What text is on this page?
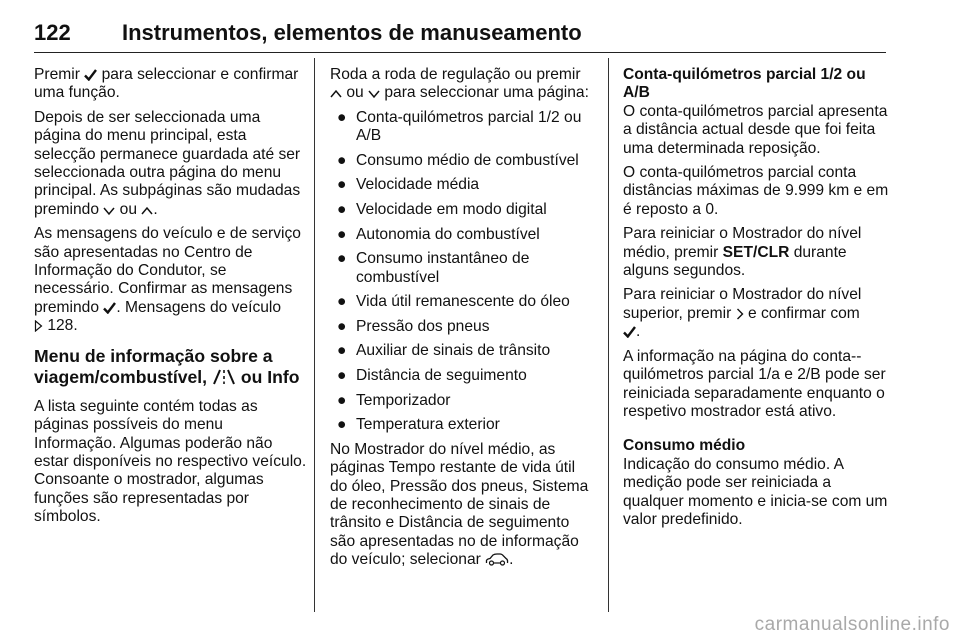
122 Instrumentos, elementos de manuseamento

Premir  para seleccionar e confirmar uma função.

Depois de ser seleccionada uma página do menu principal, esta selecção permanece guardada até ser seleccionada outra página do menu principal. As subpáginas são mudadas premindo  ou .

As mensagens do veículo e de serviço são apresentadas no Centro de Informação do Condutor, se necessário. Confirmar as mensagens premindo . Mensagens do veículo
128.

Menu de informação sobre a viagem/combustível,  ou Info

A lista seguinte contém todas as páginas possíveis do menu Informação. Algumas poderão não estar disponíveis no respectivo veículo. Consoante o mostrador, algumas funções são representadas por símbolos.

Roda a roda de regulação ou premir  ou  para seleccionar uma página:

● Conta-quilómetros parcial 1/2 ou A/B
● Consumo médio de combustível
● Velocidade média
● Velocidade em modo digital
● Autonomia do combustível
● Consumo instantâneo de combustível
● Vida útil remanescente do óleo
● Pressão dos pneus
● Auxiliar de sinais de trânsito
● Distância de seguimento
● Temporizador
● Temperatura exterior

No Mostrador do nível médio, as páginas Tempo restante de vida útil do óleo, Pressão dos pneus, Sistema de reconhecimento de sinais de trânsito e Distância de seguimento são apresentadas no de informação do veículo; selecionar .

Conta-quilómetros parcial 1/2 ou A/B

O conta-quilómetros parcial apresenta a distância actual desde que foi feita uma determinada reposição.

O conta-quilómetros parcial conta distâncias máximas de 9.999 km e em é reposto a 0.

Para reiniciar o Mostrador do nível médio, premir SET/CLR durante alguns segundos.

Para reiniciar o Mostrador do nível superior, premir  e confirmar com
.

A informação na página do conta--quilómetros parcial 1/a e 2/B pode ser reiniciada separadamente enquanto o respetivo mostrador está ativo.

Consumo médio

Indicação do consumo médio. A medição pode ser reiniciada a qualquer momento e inicia-se com um valor predefinido.

carmanualsonline.info
